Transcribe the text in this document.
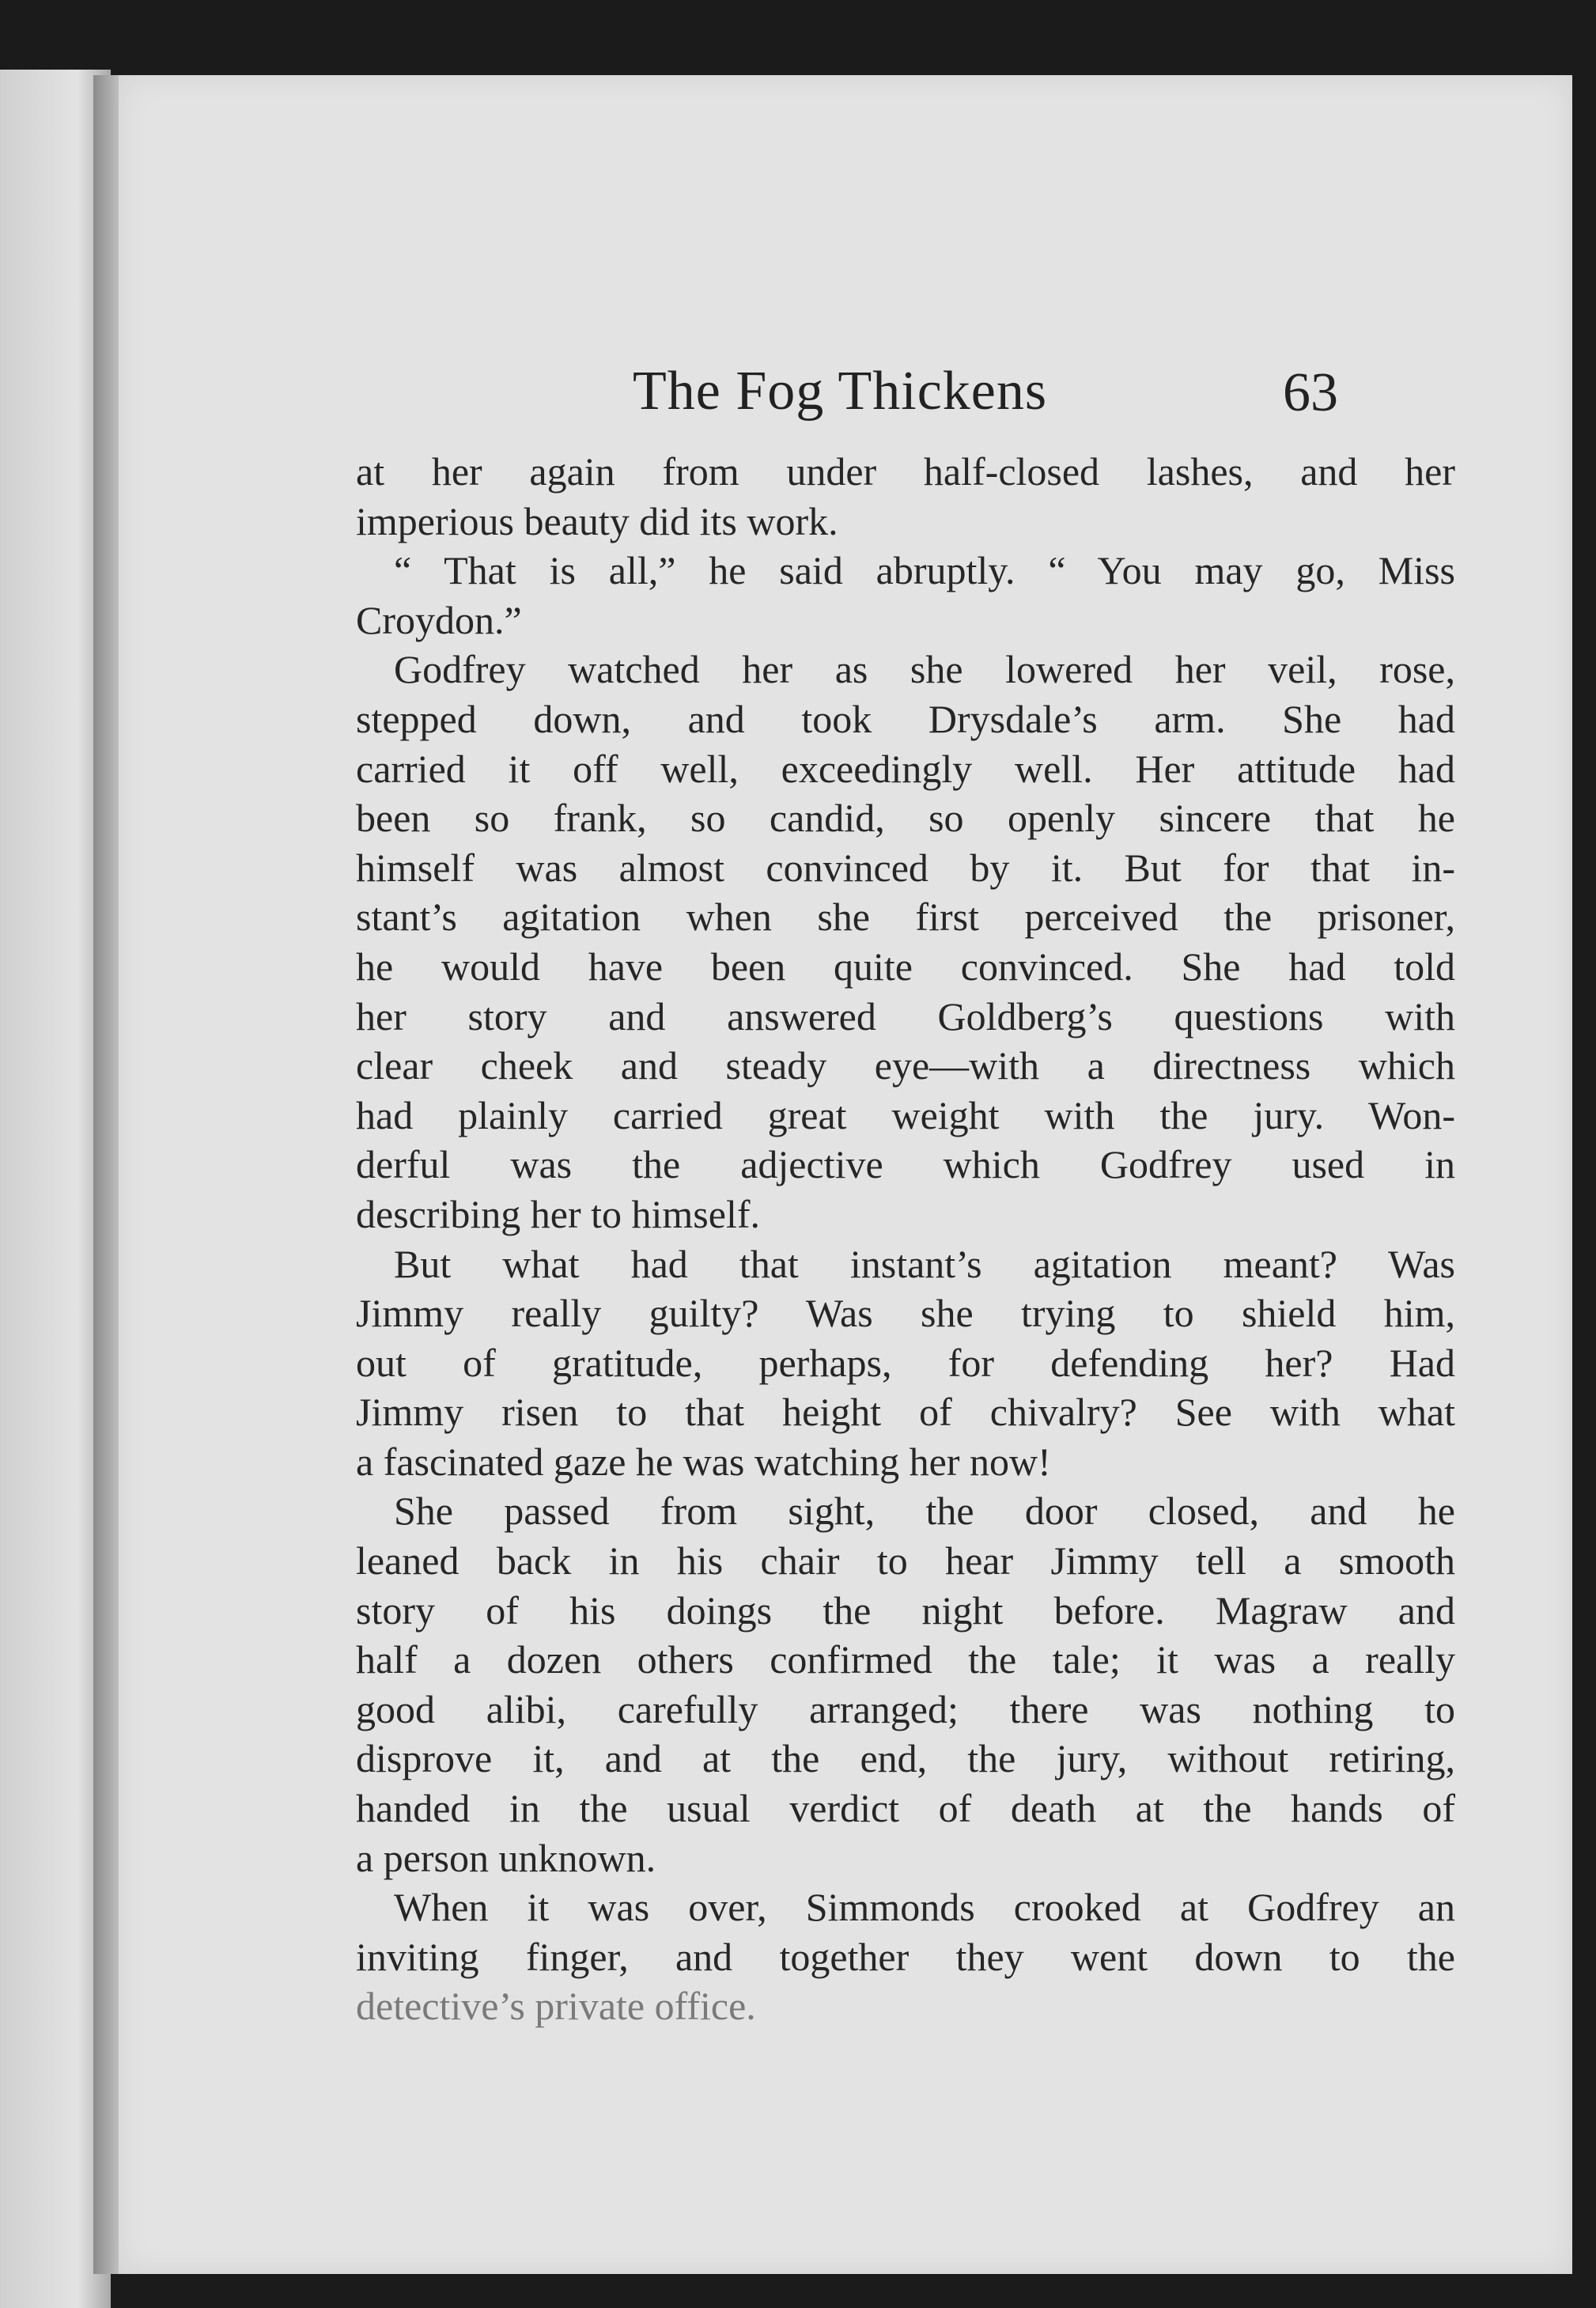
The Fog Thickens	63
at her again from under half-closed lashes, and her
imperious beauty did its work.
“ That is all,” he said abruptly. “ You may go, Miss
Croydon.”
Godfrey watched her as she lowered her veil, rose,
stepped down, and took Drysdale’s arm. She had
carried it off well, exceedingly well. Her attitude had
been so frank, so candid, so openly sincere that he
himself was almost convinced by it. But for that in-
stant’s agitation when she first perceived the prisoner,
he would have been quite convinced. She had told
her story and answered Goldberg’s questions with
clear cheek and steady eye—with a directness which
had plainly carried great weight with the jury. Won-
derful was the adjective which Godfrey used in
describing her to himself.
But what had that instant’s agitation meant? Was
Jimmy really guilty? Was she trying to shield him,
out of gratitude, perhaps, for defending her? Had
Jimmy risen to that height of chivalry? See with what
a fascinated gaze he was watching her now!
She passed from sight, the door closed, and he
leaned back in his chair to hear Jimmy tell a smooth
story of his doings the night before. Magraw and
half a dozen others confirmed the tale; it was a really
good alibi, carefully arranged; there was nothing to
disprove it, and at the end, the jury, without retiring,
handed in the usual verdict of death at the hands of
a person unknown.
When it was over, Simmonds crooked at Godfrey an
inviting finger, and together they went down to the
detective’s private office.
